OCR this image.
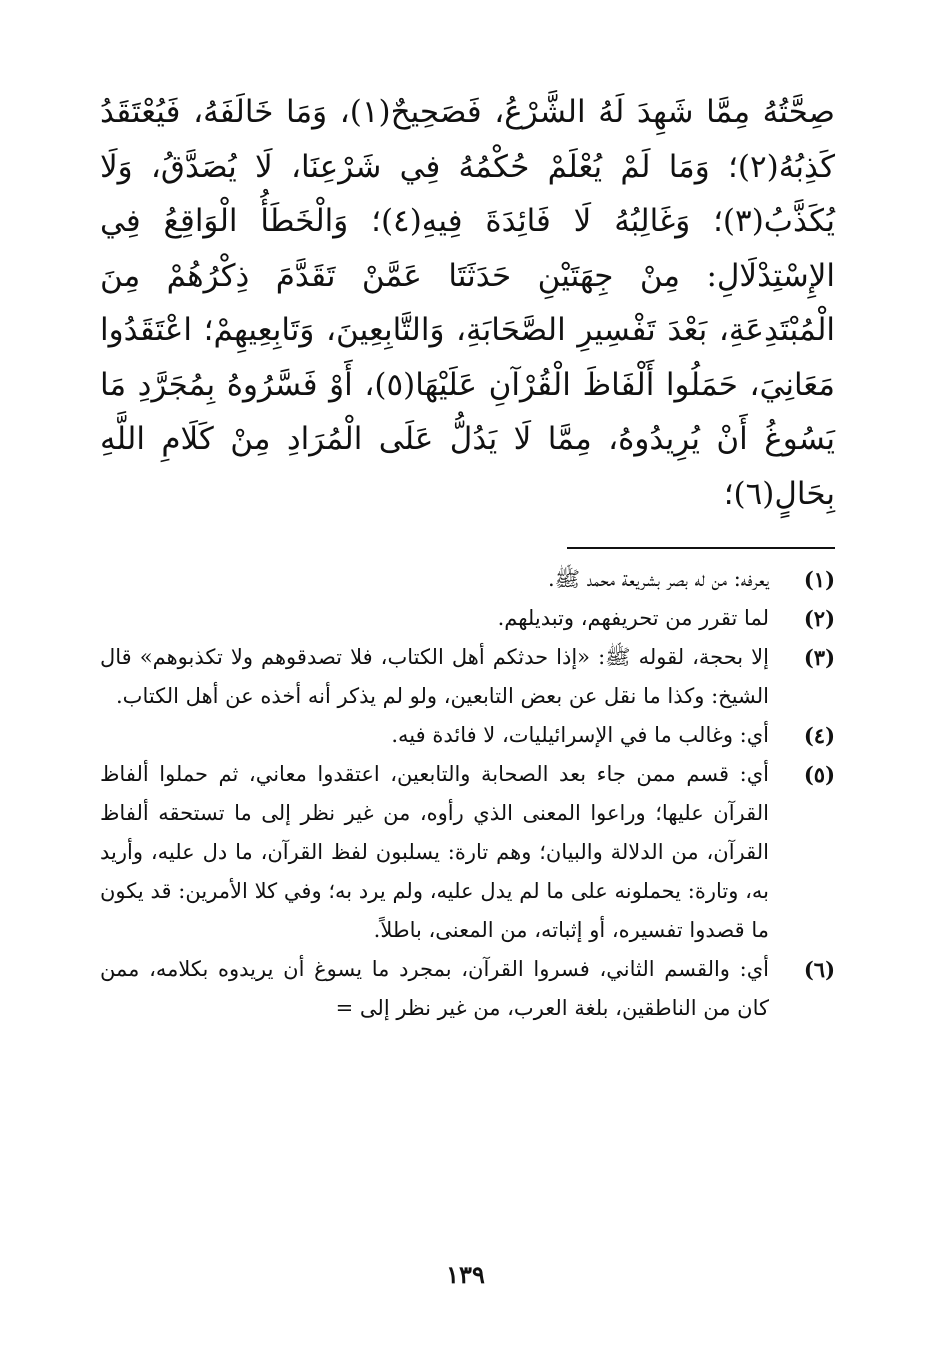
صِحَّتُهُ مِمَّا شَهِدَ لَهُ الشَّرْعُ، فَصَحِيحٌ(١)، وَمَا خَالَفَهُ، فَيُعْتَقَدُ كَذِبُهُ(٢)؛ وَمَا لَمْ يُعْلَمْ حُكْمُهُ فِي شَرْعِنَا، لَا يُصَدَّقُ، وَلَا يُكَذَّبُ(٣)؛ وَغَالِبُهُ لَا فَائِدَةَ فِيهِ(٤)؛ وَالْخَطَأُ الْوَاقِعُ فِي الإِسْتِدْلَالِ: مِنْ جِهَتَيْنِ حَدَثَتَا عَمَّنْ تَقَدَّمَ ذِكْرُهُمْ مِنَ الْمُبْتَدِعَةِ، بَعْدَ تَفْسِيرِ الصَّحَابَةِ، وَالتَّابِعِينَ، وَتَابِعِيهِمْ؛ اعْتَقَدُوا مَعَانِيَ، حَمَلُوا أَلْفَاظَ الْقُرْآنِ عَلَيْهَا(٥)، أَوْ فَسَّرُوهُ بِمُجَرَّدِ مَا يَسُوغُ أَنْ يُرِيدُوهُ، مِمَّا لَا يَدُلُّ عَلَى الْمُرَادِ مِنْ كَلَامِ اللَّهِ بِحَالٍ(٦)؛

(١)
يعرفه: من له بصر بشريعة محمد ﷺ.
(٢)
لما تقرر من تحريفهم، وتبديلهم.
(٣)
إلا بحجة، لقوله ﷺ: «إذا حدثكم أهل الكتاب، فلا تصدقوهم ولا تكذبوهم» قال الشيخ: وكذا ما نقل عن بعض التابعين، ولو لم يذكر أنه أخذه عن أهل الكتاب.
(٤)
أي: وغالب ما في الإسرائيليات، لا فائدة فيه.
(٥)
أي: قسم ممن جاء بعد الصحابة والتابعين، اعتقدوا معاني، ثم حملوا ألفاظ القرآن عليها؛ وراعوا المعنى الذي رأوه، من غير نظر إلى ما تستحقه ألفاظ القرآن، من الدلالة والبيان؛ وهم تارة: يسلبون لفظ القرآن، ما دل عليه، وأريد به، وتارة: يحملونه على ما لم يدل عليه، ولم يرد به؛ وفي كلا الأمرين: قد يكون ما قصدوا تفسيره، أو إثباته، من المعنى، باطلاً.
(٦)
أي: والقسم الثاني، فسروا القرآن، بمجرد ما يسوغ أن يريدوه بكلامه، ممن كان من الناطقين، بلغة العرب، من غير نظر إلى =
١٣٩
